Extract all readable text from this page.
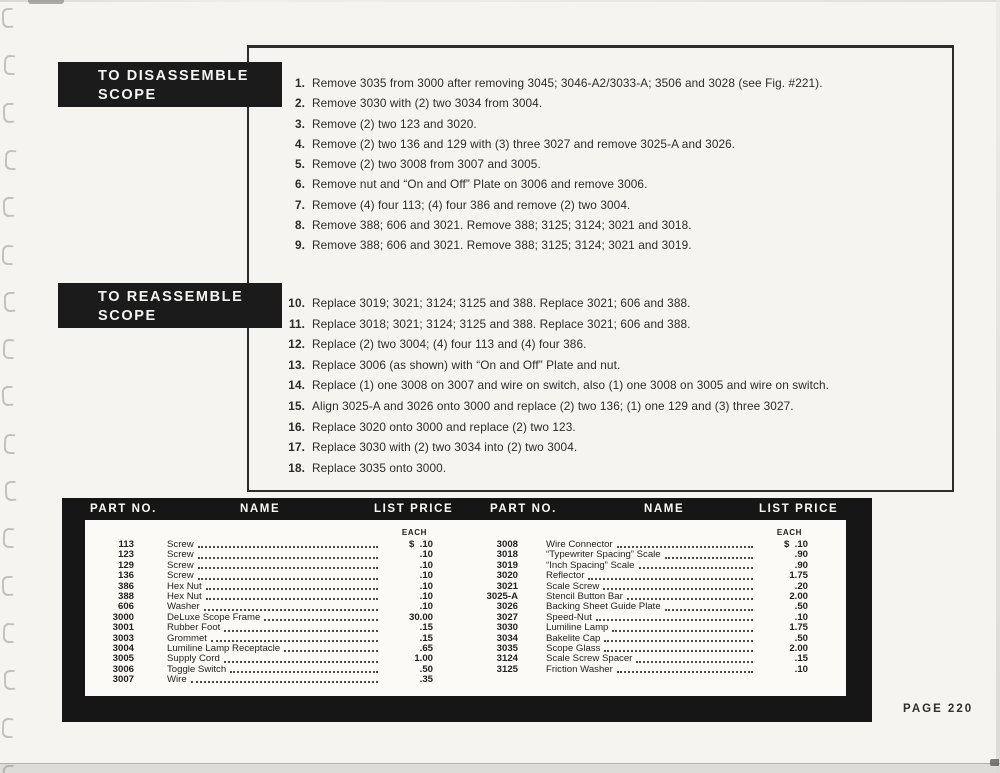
TO DISASSEMBLE
SCOPE
TO REASSEMBLE
SCOPE
1. Remove 3035 from 3000 after removing 3045; 3046-A2/3033-A; 3506 and 3028 (see Fig. #221).
2. Remove 3030 with (2) two 3034 from 3004.
3. Remove (2) two 123 and 3020.
4. Remove (2) two 136 and 129 with (3) three 3027 and remove 3025-A and 3026.
5. Remove (2) two 3008 from 3007 and 3005.
6. Remove nut and “On and Off” Plate on 3006 and remove 3006.
7. Remove (4) four 113; (4) four 386 and remove (2) two 3004.
8. Remove 388; 606 and 3021. Remove 388; 3125; 3124; 3021 and 3018.
9. Remove 388; 606 and 3021. Remove 388; 3125; 3124; 3021 and 3019.
10. Replace 3019; 3021; 3124; 3125 and 388. Replace 3021; 606 and 388.
11. Replace 3018; 3021; 3124; 3125 and 388. Replace 3021; 606 and 388.
12. Replace (2) two 3004; (4) four 113 and (4) four 386.
13. Replace 3006 (as shown) with “On and Off” Plate and nut.
14. Replace (1) one 3008 on 3007 and wire on switch, also (1) one 3008 on 3005 and wire on switch.
15. Align 3025-A and 3026 onto 3000 and replace (2) two 136; (1) one 129 and (3) three 3027.
16. Replace 3020 onto 3000 and replace (2) two 123.
17. Replace 3030 with (2) two 3034 into (2) two 3004.
18. Replace 3035 onto 3000.
PART NO.	NAME	LIST PRICE	PART NO.	NAME	LIST PRICE
EACH
113	Screw	$  .10
123	Screw	.10
129	Screw	.10
136	Screw	.10
386	Hex Nut	.10
388	Hex Nut	.10
606	Washer	.10
3000	DeLuxe Scope Frame	30.00
3001	Rubber Foot	.15
3003	Grommet	.15
3004	Lumiline Lamp Receptacle	.65
3005	Supply Cord	1.00
3006	Toggle Switch	.50
3007	Wire	.35
EACH
3008	Wire Connector	$  .10
3018	“Typewriter Spacing” Scale	.90
3019	“Inch Spacing” Scale	.90
3020	Reflector	1.75
3021	Scale Screw	.20
3025-A	Stencil Button Bar	2.00
3026	Backing Sheet Guide Plate	.50
3027	Speed-Nut	.10
3030	Lumiline Lamp	1.75
3034	Bakelite Cap	.50
3035	Scope Glass	2.00
3124	Scale Screw Spacer	.15
3125	Friction Washer	.10
PAGE 220
